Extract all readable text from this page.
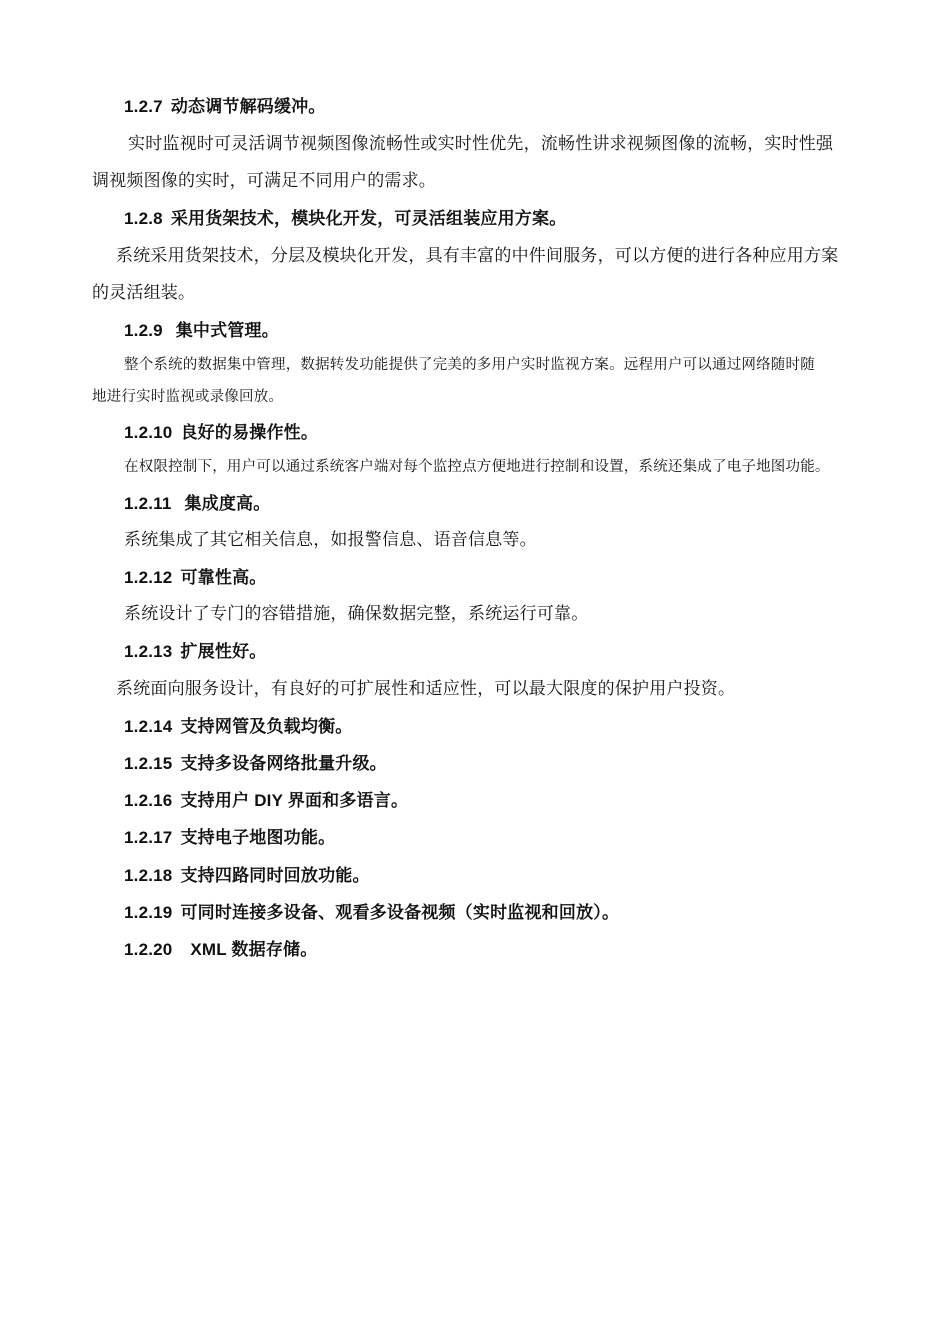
1.2.7 动态调节解码缓冲。
实时监视时可灵活调节视频图像流畅性或实时性优先，流畅性讲求视频图像的流畅，实时性强
调视频图像的实时，可满足不同用户的需求。
1.2.8 采用货架技术，模块化开发，可灵活组装应用方案。
系统采用货架技术，分层及模块化开发，具有丰富的中件间服务，可以方便的进行各种应用方案
的灵活组装。
1.2.9 集中式管理。
整个系统的数据集中管理，数据转发功能提供了完美的多用户实时监视方案。远程用户可以通过网络随时随
地进行实时监视或录像回放。
1.2.10 良好的易操作性。
在权限控制下，用户可以通过系统客户端对每个监控点方便地进行控制和设置，系统还集成了电子地图功能。
1.2.11 集成度高。
系统集成了其它相关信息，如报警信息、语音信息等。
1.2.12 可靠性高。
系统设计了专门的容错措施，确保数据完整，系统运行可靠。
1.2.13 扩展性好。
系统面向服务设计，有良好的可扩展性和适应性，可以最大限度的保护用户投资。
1.2.14 支持网管及负载均衡。
1.2.15 支持多设备网络批量升级。
1.2.16 支持用户 DIY 界面和多语言。
1.2.17 支持电子地图功能。
1.2.18 支持四路同时回放功能。
1.2.19 可同时连接多设备、观看多设备视频（实时监视和回放）。
1.2.20  XML 数据存储。
